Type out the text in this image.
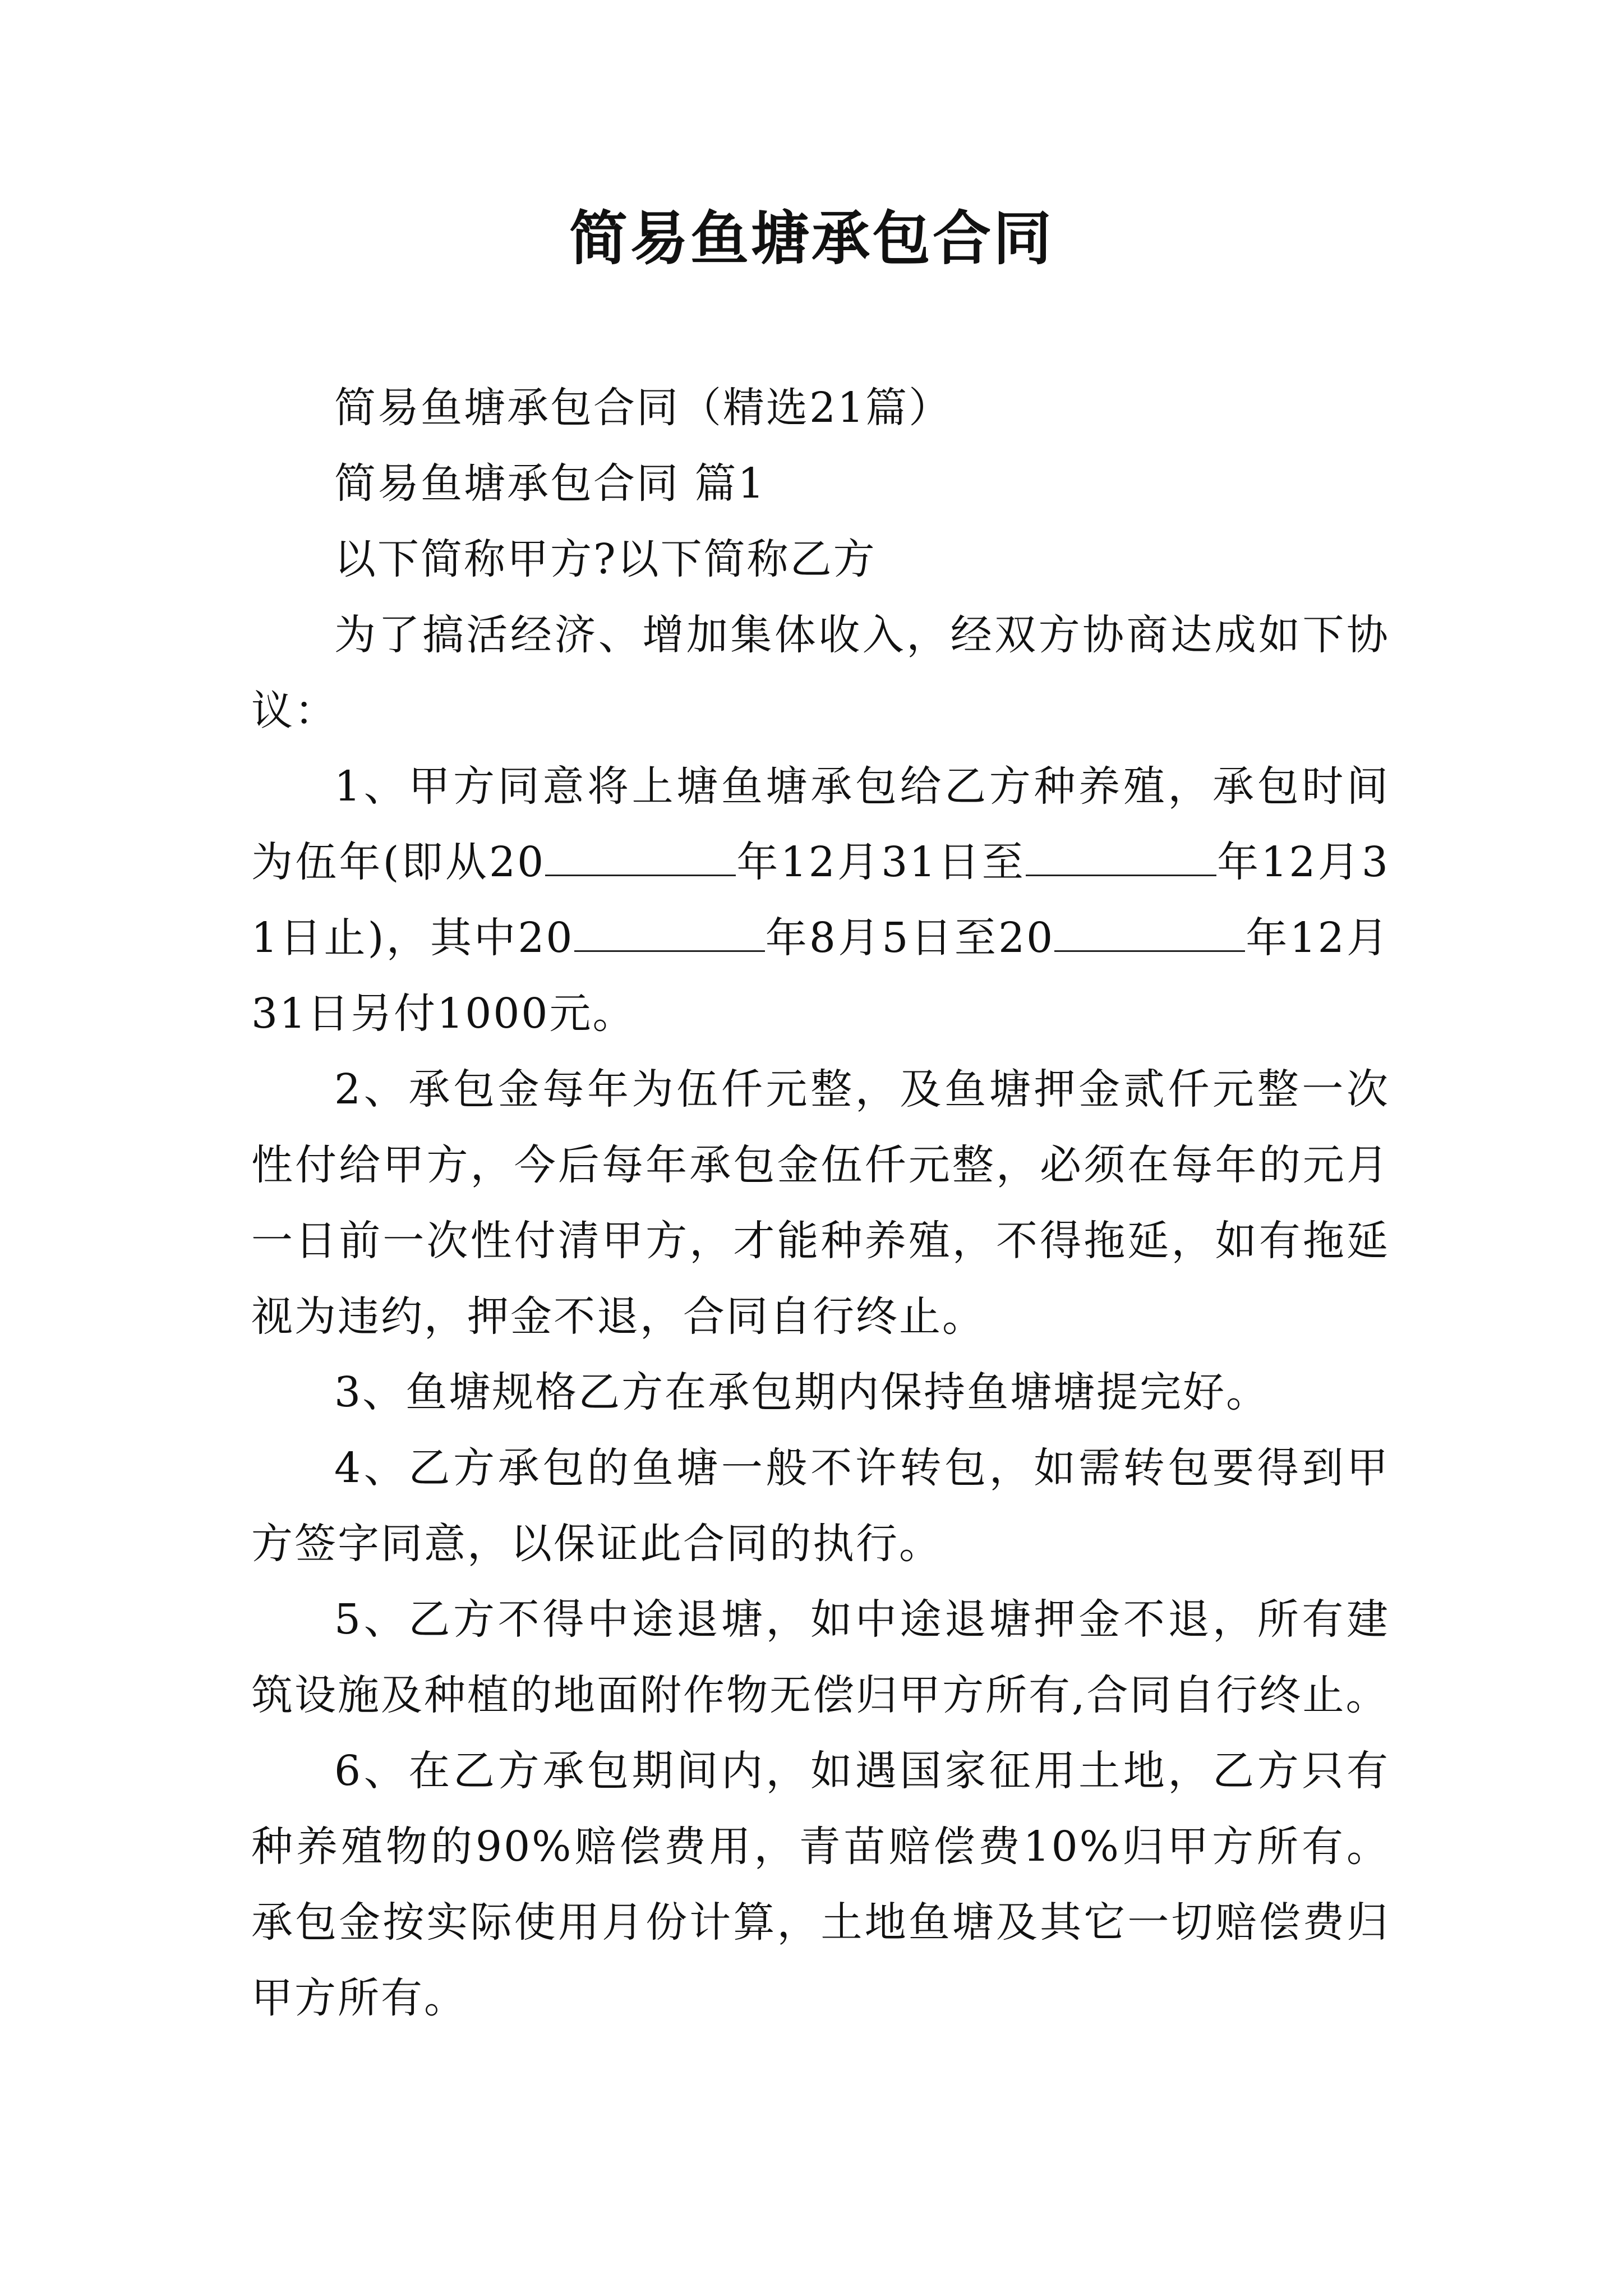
简易鱼塘承包合同

简易鱼塘承包合同（精选21篇）

简易鱼塘承包合同 篇1

以下简称甲方?以下简称乙方

为了搞活经济、增加集体收入，经双方协商达成如下协议：

1、甲方同意将上塘鱼塘承包给乙方种养殖，承包时间为伍年(即从20	年12月31日至	年12月31日止)，其中20	年8月5日至20	年12月31日另付1000元。

2、承包金每年为伍仟元整，及鱼塘押金贰仟元整一次性付给甲方，今后每年承包金伍仟元整，必须在每年的元月一日前一次性付清甲方，才能种养殖，不得拖延，如有拖延视为违约，押金不退，合同自行终止。

3、鱼塘规格乙方在承包期内保持鱼塘塘提完好。

4、乙方承包的鱼塘一般不许转包，如需转包要得到甲方签字同意，以保证此合同的执行。

5、乙方不得中途退塘，如中途退塘押金不退，所有建筑设施及种植的地面附作物无偿归甲方所有,合同自行终止。

6、在乙方承包期间内，如遇国家征用土地，乙方只有种养殖物的90%赔偿费用，青苗赔偿费10%归甲方所有。承包金按实际使用月份计算，土地鱼塘及其它一切赔偿费归甲方所有。
